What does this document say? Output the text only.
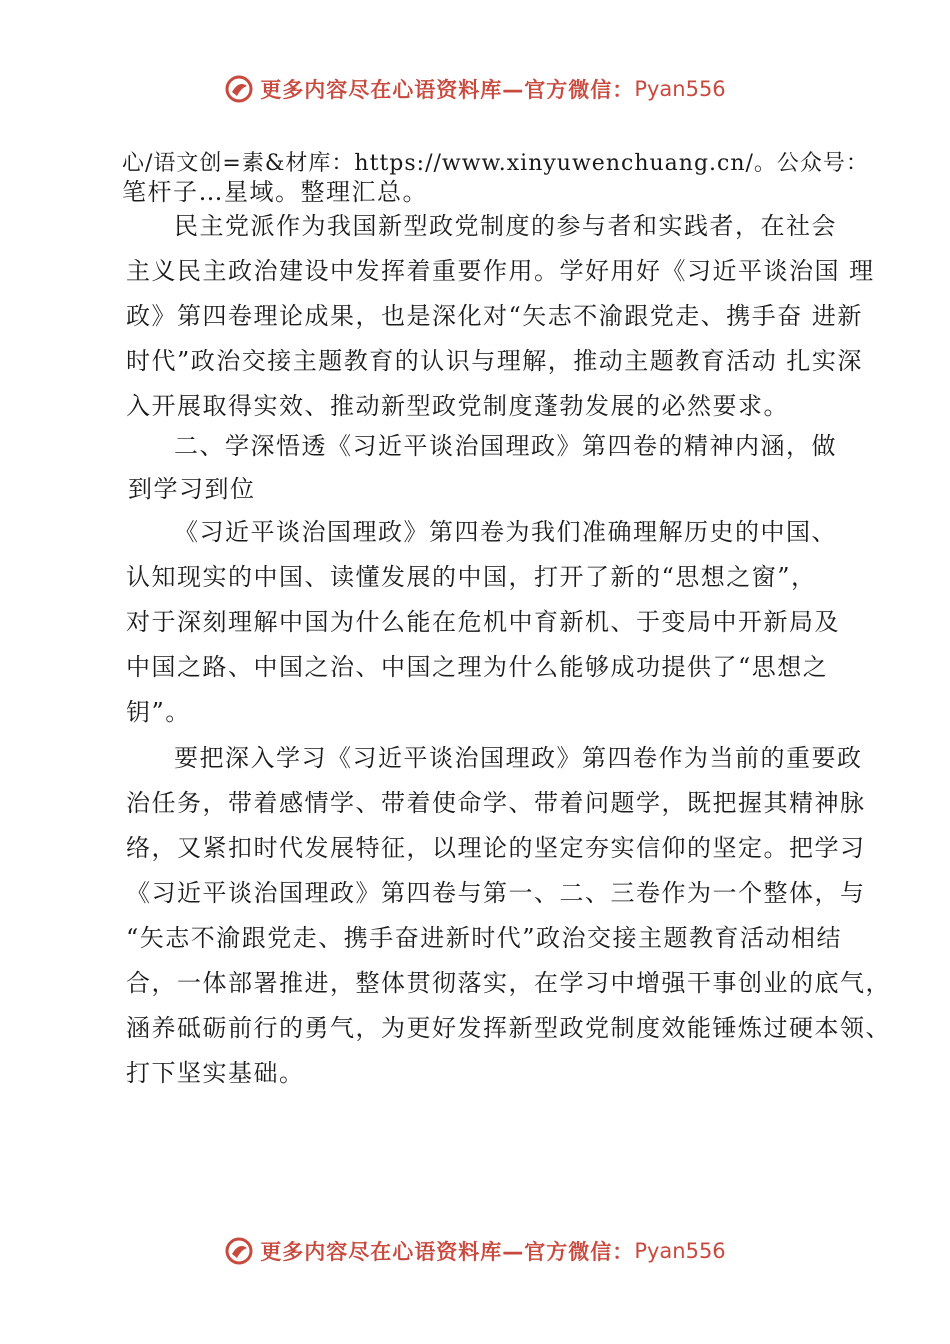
更多内容尽在心语资料库—官方微信： Pyan556
心/语文创=素&材库：https://www.xinyuwenchuang.cn/。公众号：
笔杆子…星域。整理汇总。
民主党派作为我国新型政党制度的参与者和实践者，在社会
主义民主政治建设中发挥着重要作用。学好用好《习近平谈治国 理
政》第四卷理论成果，也是深化对“矢志不渝跟党走、携手奋 进新
时代”政治交接主题教育的认识与理解，推动主题教育活动 扎实深
入开展取得实效、推动新型政党制度蓬勃发展的必然要求。
二、学深悟透《习近平谈治国理政》第四卷的精神内涵，做
到学习到位
《习近平谈治国理政》第四卷为我们准确理解历史的中国、
认知现实的中国、读懂发展的中国，打开了新的“思想之窗”，
对于深刻理解中国为什么能在危机中育新机、于变局中开新局及
中国之路、中国之治、中国之理为什么能够成功提供了“思想之
钥”。
要把深入学习《习近平谈治国理政》第四卷作为当前的重要政
治任务，带着感情学、带着使命学、带着问题学，既把握其精神脉
络，又紧扣时代发展特征，以理论的坚定夯实信仰的坚定。把学习
《习近平谈治国理政》第四卷与第一、二、三卷作为一个整体，与
“矢志不渝跟党走、携手奋进新时代”政治交接主题教育活动相结
合，一体部署推进，整体贯彻落实，在学习中增强干事创业的底气，
涵养砥砺前行的勇气，为更好发挥新型政党制度效能锤炼过硬本领、
打下坚实基础。
更多内容尽在心语资料库—官方微信： Pyan556
